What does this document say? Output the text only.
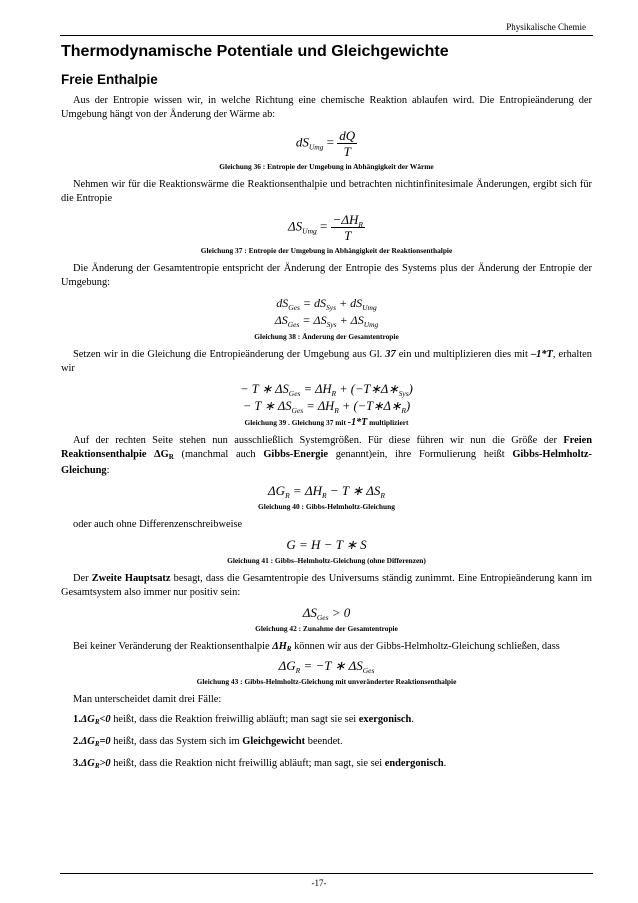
Physikalische Chemie
Thermodynamische Potentiale und Gleichgewichte
Freie Enthalpie

Aus der Entropie wissen wir, in welche Richtung eine chemische Reaktion ablaufen wird. Die Entropieänderung der Umgebung hängt von der Änderung der Wärme ab:

$dS_{Umg} = \frac{dQ}{T}$
Gleichung 36 : Entropie der Umgebung in Abhängigkeit der Wärme

Nehmen wir für die Reaktionswärme die Reaktionsenthalpie und betrachten nichtinfinitesimale Änderungen, ergibt sich für die Entropie

$\Delta S_{Umg} = \frac{-\Delta H_R}{T}$
Gleichung 37 : Entropie der Umgebung in Abhängigkeit der Reaktionsenthalpie

Die Änderung der Gesamtentropie entspricht der Änderung der Entropie des Systems plus der Änderung der Entropie der Umgebung:

$dS_{Ges} = dS_{Sys} + dS_{Umg}$
$\Delta S_{Ges} = \Delta S_{Sys} + \Delta S_{Umg}$
Gleichung 38 : Änderung der Gesamtentropie

Setzen wir in die Gleichung die Entropieänderung der Umgebung aus Gl. 37 ein und multiplizieren dies mit –1*T, erhalten wir

− T ∗ $\Delta S_{Ges} = \Delta H_R$ + $(-T∗\Delta∗_{Sys})$
− T ∗ $\Delta S_{Ges} = \Delta H_R$ + $(-T∗\Delta∗_R)$
Gleichung 39 . Gleichung 37 mit -1*T multipliziert

Auf der rechten Seite stehen nun ausschließlich Systemgrößen. Für diese führen wir nun die Größe der Freien Reaktionsenthalpie $\Delta G_R$ (manchmal auch Gibbs-Energie genannt)ein, ihre Formulierung heißt Gibbs-Helmholtz-Gleichung:

$\Delta G_R = \Delta H_R - T$ ∗ $\Delta S_R$
Gleichung 40 : Gibbs-Helmholtz-Gleichung

oder auch ohne Differenzenschreibweise

G = H − T ∗ S
Gleichung 41 : Gibbs–Helmholtz-Gleichung (ohne Differenzen)

Der Zweite Hauptsatz besagt, dass die Gesamtentropie des Universums ständig zunimmt. Eine Entropieänderung kann im Gesamtsystem also immer nur positiv sein:

$\Delta S_{Ges} > 0$
Gleichung 42 : Zunahme der Gesamtentropie

Bei keiner Veränderung der Reaktionsenthalpie $\Delta H_R$ können wir aus der Gibbs-Helmholtz-Gleichung schließen, dass

$\Delta G_R = -T$ ∗ $\Delta S_{Ges}$
Gleichung 43 : Gibbs-Helmholtz-Gleichung mit unveränderter Reaktionsenthalpie

Man unterscheidet damit drei Fälle:

$1.\Delta G_R<0$ heißt, dass die Reaktion freiwillig abläuft; man sagt sie sei exergonisch.

$2.\Delta G_R=0$ heißt, dass das System sich im Gleichgewicht beendet.

$3.\Delta G_R>0$ heißt, dass die Reaktion nicht freiwillig abläuft; man sagt, sie sei endergonisch.

-17-
